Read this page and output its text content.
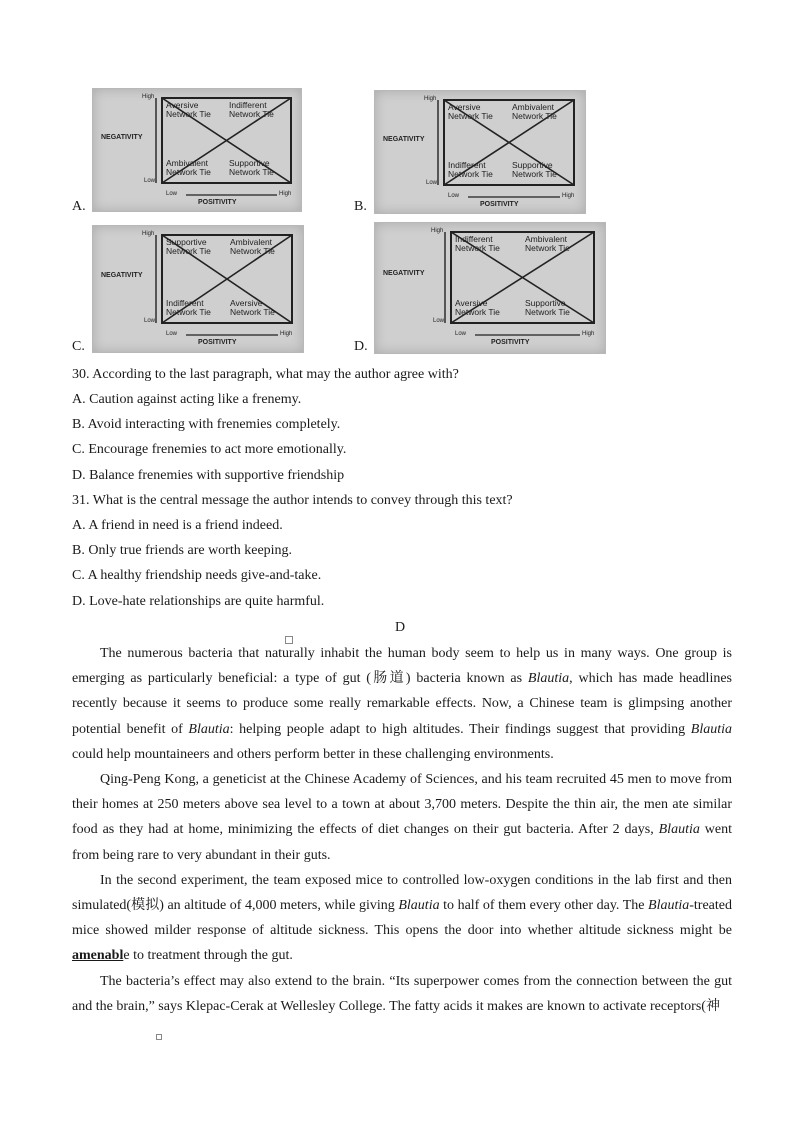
A.
High
Low
NEGATIVITY
Aversive
Network Tie
Indifferent
Network Tie
Ambivalent
Network Tie
Supportive
Network Tie
Low	High
POSITIVITY	B.
High
Low
NEGATIVITY
Aversive
Network Tie
Ambivalent
Network Tie
Indifferent
Network Tie
Supportive
Network Tie
Low	High
POSITIVITY
C.
High
Low
NEGATIVITY
Supportive
Network Tie
Ambivalent
Network Tie
Indifferent
Network Tie
Aversive
Network Tie
Low	High
POSITIVITY	D.
High
Low
NEGATIVITY
Indifferent
Network Tie
Ambivalent
Network Tie
Aversive
Network Tie
Supportive
Network Tie
Low	High
POSITIVITY
30. According to the last paragraph, what may the author agree with?
A. Caution against acting like a frenemy.
B. Avoid interacting with frenemies completely.
C. Encourage frenemies to act more emotionally.
D. Balance frenemies with supportive friendship
31. What is the central message the author intends to convey through this text?
A. A friend in need is a friend indeed.
B. Only true friends are worth keeping.
C. A healthy friendship needs give-and-take.
D. Love-hate relationships are quite harmful.
D

The numerous bacteria that naturally inhabit the human body seem to help us in many ways. One group is emerging as particularly beneficial: a type of gut (肠道) bacteria known as Blautia, which has made headlines recently because it seems to produce some really remarkable effects. Now, a Chinese team is glimpsing another potential benefit of Blautia: helping people adapt to high altitudes. Their findings suggest that providing Blautia could help mountaineers and others perform better in these challenging environments.

Qing-Peng Kong, a geneticist at the Chinese Academy of Sciences, and his team recruited 45 men to move from their homes at 250 meters above sea level to a town at about 3,700 meters. Despite the thin air, the men ate similar food as they had at home, minimizing the effects of diet changes on their gut bacteria. After 2 days, Blautia went from being rare to very abundant in their guts.

In the second experiment, the team exposed mice to controlled low-oxygen conditions in the lab first and then simulated(模拟) an altitude of 4,000 meters, while giving Blautia to half of them every other day. The Blautia-treated mice showed milder response of altitude sickness. This opens the door into whether altitude sickness might be amenable to treatment through the gut.

The bacteria’s effect may also extend to the brain. “Its superpower comes from the connection between the gut and the brain,” says Klepac-Cerak at Wellesley College. The fatty acids it makes are known to activate receptors(神
